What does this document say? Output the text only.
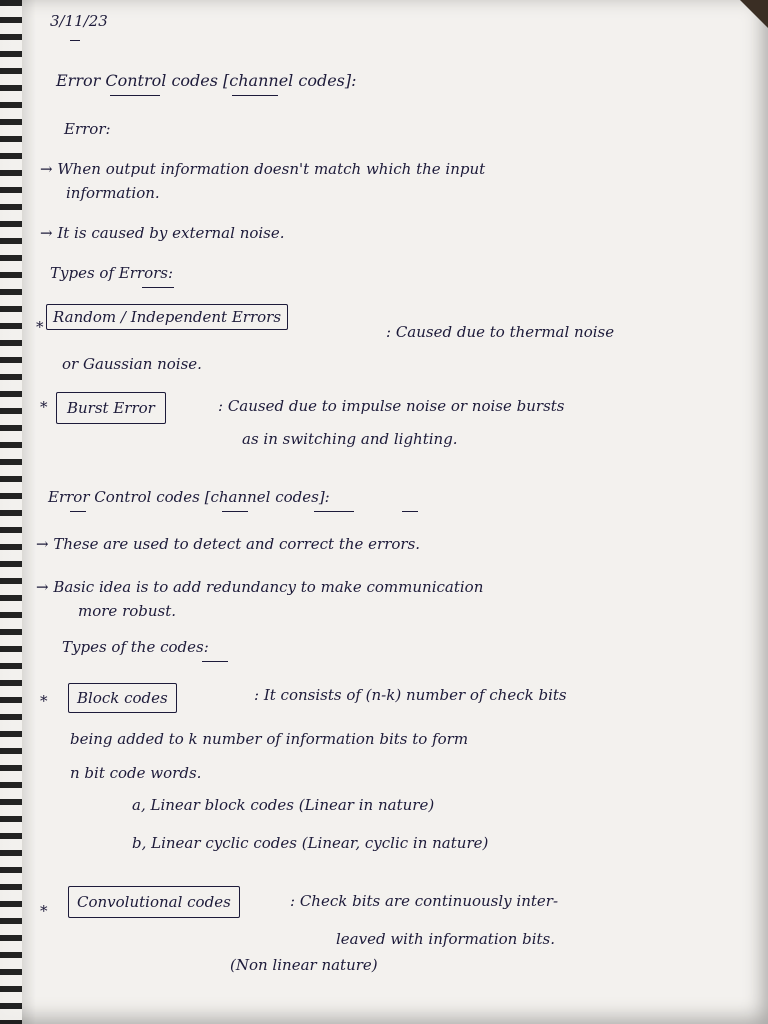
3/11/23

Error Control codes [channel codes]:

Error:

→ When output information doesn't match which the input

information.

→ It is caused by external noise.

Types of Errors:

*

Random / Independent Errors

: Caused due to thermal noise

or Gaussian noise.

*	Burst Error	: Caused due to impulse noise or noise bursts

as in switching and lighting.

Error Control codes [channel codes]:

→ These are used to detect and correct the errors.

→ Basic idea is to add redundancy to make communication

more robust.

Types of the codes:

*	Block codes	: It consists of (n-k) number of check bits

being added to k number of information bits to form

n bit code words.

a, Linear block codes (Linear in nature)

b, Linear cyclic codes (Linear, cyclic in nature)

*	Convolutional codes	: Check bits are continuously inter-

leaved with information bits.

(Non linear nature)
